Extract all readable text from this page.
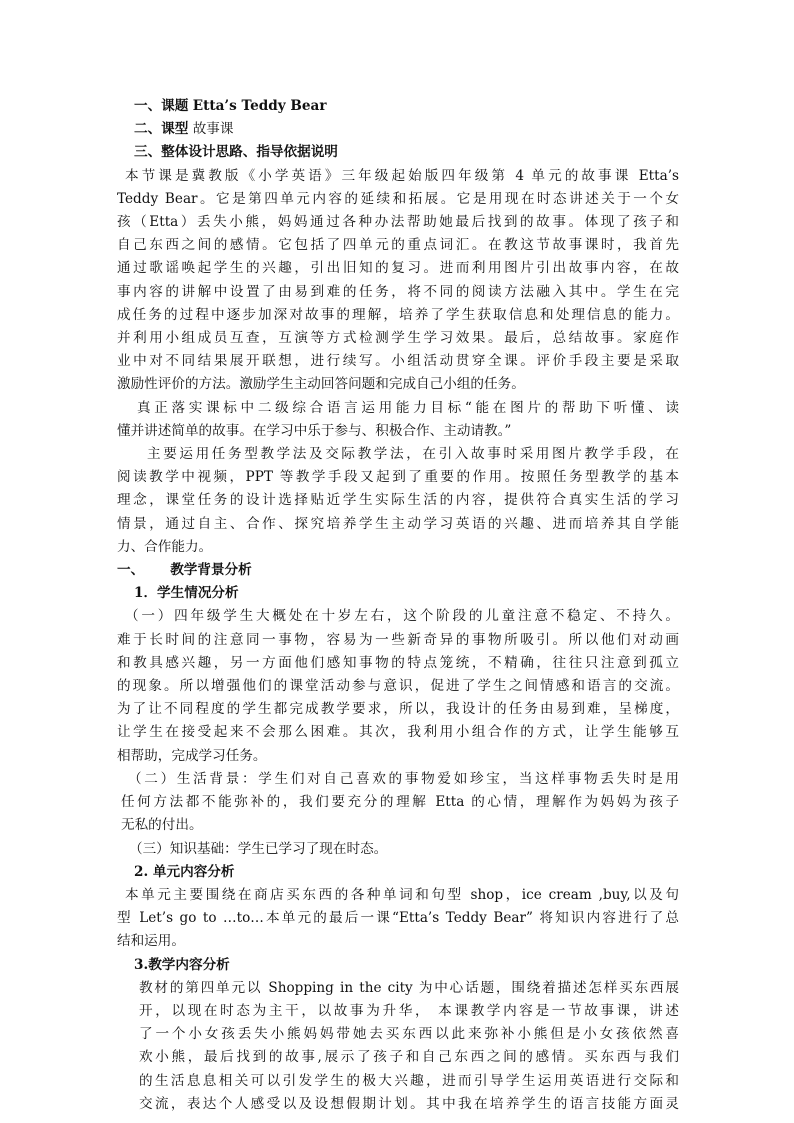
一、课题 Etta’s Teddy Bear
二、课型 故事课
三、整体设计思路、指导依据说明
本节课是冀教版《小学英语》三年级起始版四年级第 4 单元的故事课 Etta’s
Teddy Bear。它是第四单元内容的延续和拓展。它是用现在时态讲述关于一个女
孩（Etta）丢失小熊，妈妈通过各种办法帮助她最后找到的故事。体现了孩子和
自己东西之间的感情。它包括了四单元的重点词汇。在教这节故事课时，我首先
通过歌谣唤起学生的兴趣，引出旧知的复习。进而利用图片引出故事内容，在故
事内容的讲解中设置了由易到难的任务，将不同的阅读方法融入其中。学生在完
成任务的过程中逐步加深对故事的理解，培养了学生获取信息和处理信息的能力。
并利用小组成员互查，互演等方式检测学生学习效果。最后，总结故事。家庭作
业中对不同结果展开联想，进行续写。小组活动贯穿全课。评价手段主要是采取
激励性评价的方法。激励学生主动回答问题和完成自己小组的任务。
真正落实课标中二级综合语言运用能力目标“能在图片的帮助下听懂、读
懂并讲述简单的故事。在学习中乐于参与、积极合作、主动请教。”
主要运用任务型教学法及交际教学法，在引入故事时采用图片教学手段，在
阅读教学中视频，PPT 等教学手段又起到了重要的作用。按照任务型教学的基本
理念，课堂任务的设计选择贴近学生实际生活的内容，提供符合真实生活的学习
情景，通过自主、合作、探究培养学生主动学习英语的兴趣、进而培养其自学能
力、合作能力。
一、 教学背景分析
1．学生情况分析
（一）四年级学生大概处在十岁左右，这个阶段的儿童注意不稳定、不持久。
难于长时间的注意同一事物，容易为一些新奇异的事物所吸引。所以他们对动画
和教具感兴趣，另一方面他们感知事物的特点笼统，不精确，往往只注意到孤立
的现象。所以增强他们的课堂活动参与意识，促进了学生之间情感和语言的交流。
为了让不同程度的学生都完成教学要求，所以，我设计的任务由易到难，呈梯度，
让学生在接受起来不会那么困难。其次，我利用小组合作的方式，让学生能够互
相帮助，完成学习任务。
（二）生活背景：学生们对自己喜欢的事物爱如珍宝，当这样事物丢失时是用
任何方法都不能弥补的，我们要充分的理解 Etta 的心情，理解作为妈妈为孩子
无私的付出。
（三）知识基础：学生已学习了现在时态。
2. 单元内容分析
本单元主要围绕在商店买东西的各种单词和句型 shop，ice cream ,buy,以及句
型 Let’s go to …to…本单元的最后一课“Etta’s Teddy Bear” 将知识内容进行了总
结和运用。
3.教学内容分析
教材的第四单元以 Shopping in the city 为中心话题，围绕着描述怎样买东西展
开，以现在时态为主干，以故事为升华， 本课教学内容是一节故事课，讲述
了一个小女孩丢失小熊妈妈带她去买东西以此来弥补小熊但是小女孩依然喜
欢小熊，最后找到的故事,展示了孩子和自己东西之间的感情。买东西与我们
的生活息息相关可以引发学生的极大兴趣，进而引导学生运用英语进行交际和
交流，表达个人感受以及设想假期计划。其中我在培养学生的语言技能方面灵
